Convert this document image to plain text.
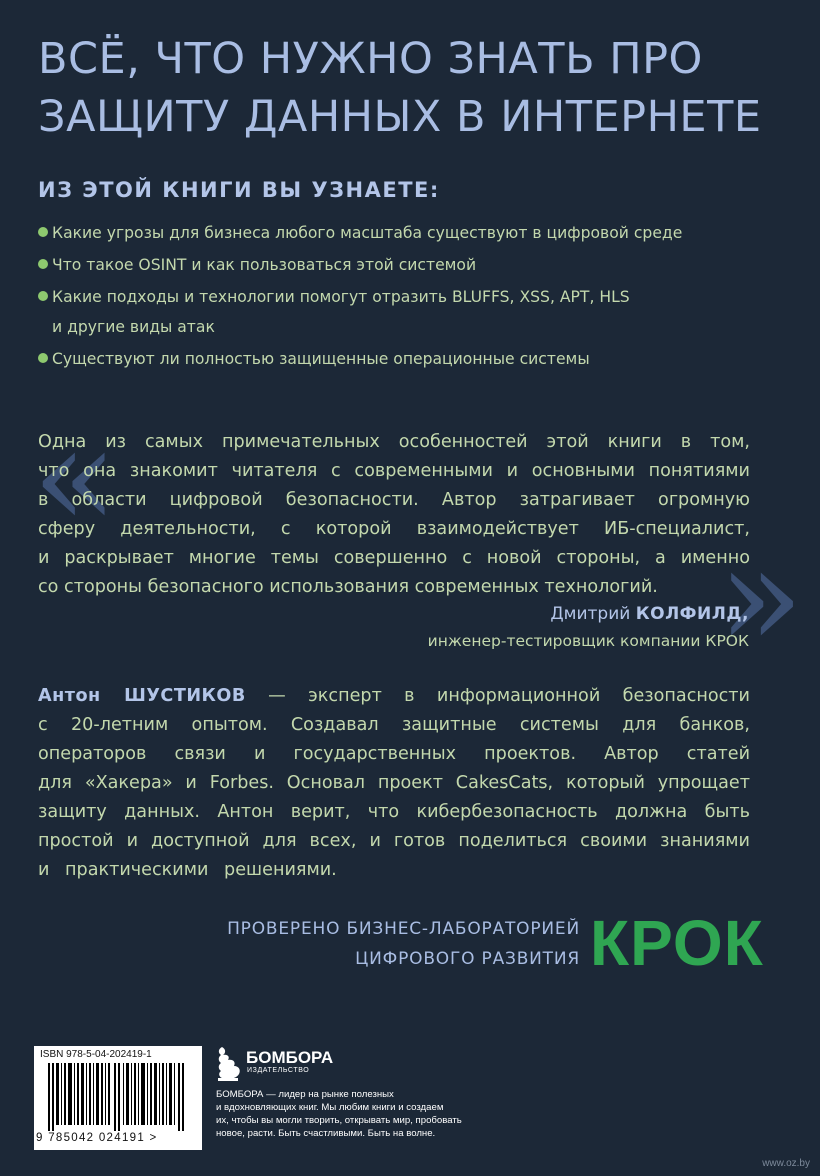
ВСЁ, ЧТО НУЖНО ЗНАТЬ ПРО
ЗАЩИТУ ДАННЫХ В ИНТЕРНЕТЕ
ИЗ ЭТОЙ КНИГИ ВЫ УЗНАЕТЕ:
Какие угрозы для бизнеса любого масштаба существуют в цифровой среде
Что такое OSINT и как пользоваться этой системой
Какие подходы и технологии помогут отразить BLUFFS, XSS, APT, HLS
и другие виды атак
Существуют ли полностью защищенные операционные системы
«
»

Одна из самых примечательных особенностей этой книги в том,
что она знакомит читателя с современными и основными понятиями
в области цифровой безопасности. Автор затрагивает огромную
сферу деятельности, с которой взаимодействует ИБ-специалист,
и раскрывает многие темы совершенно с новой стороны, а именно
со стороны безопасного использования современных технологий.

Дмитрий КОЛФИЛД,
инженер-тестировщик компании КРОК

Антон ШУСТИКОВ — эксперт в информационной безопасности
с 20-летним опытом. Создавал защитные системы для банков,
операторов связи и государственных проектов. Автор статей
для «Хакера» и Forbes. Основал проект CakesCats, который упрощает
защиту данных. Антон верит, что кибербезопасность должна быть
простой и доступной для всех, и готов поделиться своими знаниями
и практическими решениями.

ПРОВЕРЕНО БИЗНЕС-ЛАБОРАТОРИЕЙ
ЦИФРОВОГО РАЗВИТИЯ КРОК
ISBN 978-5-04-202419-1
9 785042 024191 >
БОМБОРА
ИЗДАТЕЛЬСТВО
БОМБОРА — лидер на рынке полезных
и вдохновляющих книг. Мы любим книги и создаем
их, чтобы вы могли творить, открывать мир, пробовать
новое, расти. Быть счастливыми. Быть на волне.
www.oz.by
